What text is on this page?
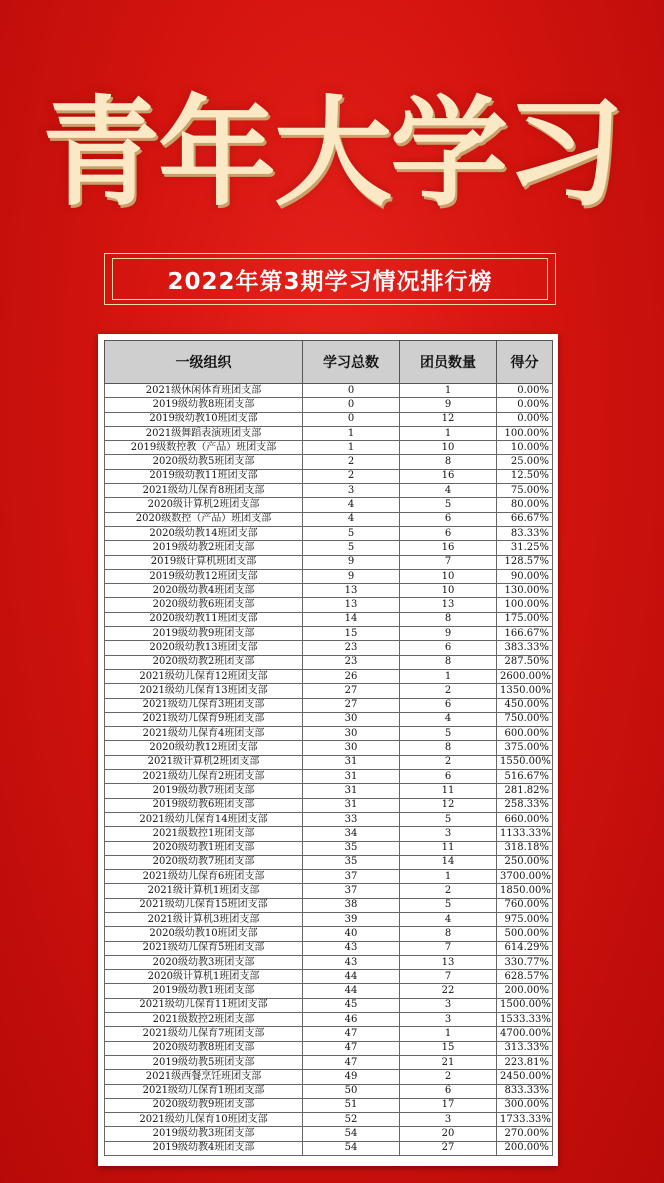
青年大学习
2022年第3期学习情况排行榜
一级组织	学习总数	团员数量	得分
2021级休闲体育班团支部	0	1	0.00%
2019级幼教8班团支部	0	9	0.00%
2019级幼教10班团支部	0	12	0.00%
2021级舞蹈表演班团支部	1	1	100.00%
2019级数控教（产品）班团支部	1	10	10.00%
2020级幼教5班团支部	2	8	25.00%
2019级幼教11班团支部	2	16	12.50%
2021级幼儿保育8班团支部	3	4	75.00%
2020级计算机2班团支部	4	5	80.00%
2020级数控（产品）班团支部	4	6	66.67%
2020级幼教14班团支部	5	6	83.33%
2019级幼教2班团支部	5	16	31.25%
2019级计算机班团支部	9	7	128.57%
2019级幼教12班团支部	9	10	90.00%
2020级幼教4班团支部	13	10	130.00%
2020级幼教6班团支部	13	13	100.00%
2020级幼教11班团支部	14	8	175.00%
2019级幼教9班团支部	15	9	166.67%
2020级幼教13班团支部	23	6	383.33%
2020级幼教2班团支部	23	8	287.50%
2021级幼儿保育12班团支部	26	1	2600.00%
2021级幼儿保育13班团支部	27	2	1350.00%
2021级幼儿保育3班团支部	27	6	450.00%
2021级幼儿保育9班团支部	30	4	750.00%
2021级幼儿保育4班团支部	30	5	600.00%
2020级幼教12班团支部	30	8	375.00%
2021级计算机2班团支部	31	2	1550.00%
2021级幼儿保育2班团支部	31	6	516.67%
2019级幼教7班团支部	31	11	281.82%
2019级幼教6班团支部	31	12	258.33%
2021级幼儿保育14班团支部	33	5	660.00%
2021级数控1班团支部	34	3	1133.33%
2020级幼教1班团支部	35	11	318.18%
2020级幼教7班团支部	35	14	250.00%
2021级幼儿保育6班团支部	37	1	3700.00%
2021级计算机1班团支部	37	2	1850.00%
2021级幼儿保育15班团支部	38	5	760.00%
2021级计算机3班团支部	39	4	975.00%
2020级幼教10班团支部	40	8	500.00%
2021级幼儿保育5班团支部	43	7	614.29%
2020级幼教3班团支部	43	13	330.77%
2020级计算机1班团支部	44	7	628.57%
2019级幼教1班团支部	44	22	200.00%
2021级幼儿保育11班团支部	45	3	1500.00%
2021级数控2班团支部	46	3	1533.33%
2021级幼儿保育7班团支部	47	1	4700.00%
2020级幼教8班团支部	47	15	313.33%
2019级幼教5班团支部	47	21	223.81%
2021级西餐烹饪班团支部	49	2	2450.00%
2021级幼儿保育1班团支部	50	6	833.33%
2020级幼教9班团支部	51	17	300.00%
2021级幼儿保育10班团支部	52	3	1733.33%
2019级幼教3班团支部	54	20	270.00%
2019级幼教4班团支部	54	27	200.00%
